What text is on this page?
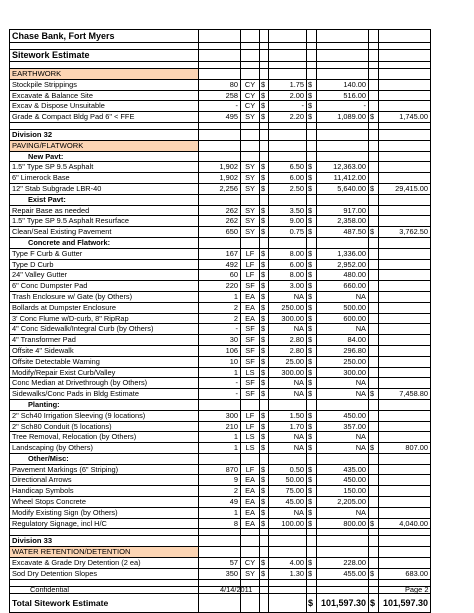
Chase Bank, Fort Myers								

Sitework Estimate								

EARTHWORK								
Stockpile Strippings	80	CY	$	1.75	$	140.00		
Excavate & Balance Site	258	CY	$	2.00	$	516.00		
Excav & Dispose Unsuitable	-	CY	$	-	$	-		
Grade & Compact Bldg Pad 6" < FFE	495	SY	$	2.20	$	1,089.00	$	1,745.00

Division 32								
PAVING/FLATWORK								
New Pavt:								
1.5" Type SP 9.5 Asphalt	1,902	SY	$	6.50	$	12,363.00		
6" Limerock Base	1,902	SY	$	6.00	$	11,412.00		
12" Stab Subgrade LBR-40	2,256	SY	$	2.50	$	5,640.00	$	29,415.00
Exist Pavt:								
Repair Base as needed	262	SY	$	3.50	$	917.00		
1.5" Type SP 9.5 Asphalt Resurface	262	SY	$	9.00	$	2,358.00		
Clean/Seal Existing Pavement	650	SY	$	0.75	$	487.50	$	3,762.50
Concrete and Flatwork:								
Type F Curb & Gutter	167	LF	$	8.00	$	1,336.00		
Type D Curb	492	LF	$	6.00	$	2,952.00		
24" Valley Gutter	60	LF	$	8.00	$	480.00		
6" Conc Dumpster Pad	220	SF	$	3.00	$	660.00		
Trash Enclosure w/ Gate (by Others)	1	EA	$	NA	$	NA		
Bollards at Dumpster Enclosure	2	EA	$	250.00	$	500.00		
3' Conc Flume w/D-curb, 8" RipRap	2	EA	$	300.00	$	600.00		
4" Conc Sidewalk/Integral Curb (by Others)	-	SF	$	NA	$	NA		
4" Transformer Pad	30	SF	$	2.80	$	84.00		
Offsite 4" Sidewalk	106	SF	$	2.80	$	296.80		
Offsite Detectable Warning	10	SF	$	25.00	$	250.00		
Modify/Repair Exist Curb/Valley	1	LS	$	300.00	$	300.00		
Conc Median at Drivethrough (by Others)	-	SF	$	NA	$	NA		
Sidewalks/Conc Pads in Bldg Estimate	-	SF	$	NA	$	NA	$	7,458.80
Planting:								
2" Sch40 Irrigation Sleeving (9 locations)	300	LF	$	1.50	$	450.00		
2" Sch80 Conduit (5 locations)	210	LF	$	1.70	$	357.00		
Tree Removal, Relocation (by Others)	1	LS	$	NA	$	NA		
Landscaping (by Others)	1	LS	$	NA	$	NA	$	807.00
Other/Misc:								
Pavement Markings (6" Striping)	870	LF	$	0.50	$	435.00		
Directional Arrows	9	EA	$	50.00	$	450.00		
Handicap Symbols	2	EA	$	75.00	$	150.00		
Wheel Stops Concrete	49	EA	$	45.00	$	2,205.00		
Modify Existing Sign (by Others)	1	EA	$	NA	$	NA		
Regulatory Signage, incl H/C	8	EA	$	100.00	$	800.00	$	4,040.00

Division 33								
WATER RETENTION/DETENTION								
Excavate & Grade Dry Detention (2 ea)	57	CY	$	4.00	$	228.00		
Sod Dry Detention Slopes	350	SY	$	1.30	$	455.00	$	683.00

Total Sitework Estimate					$	101,597.30	$	101,597.30
Confidential	4/14/2011	Page 2
